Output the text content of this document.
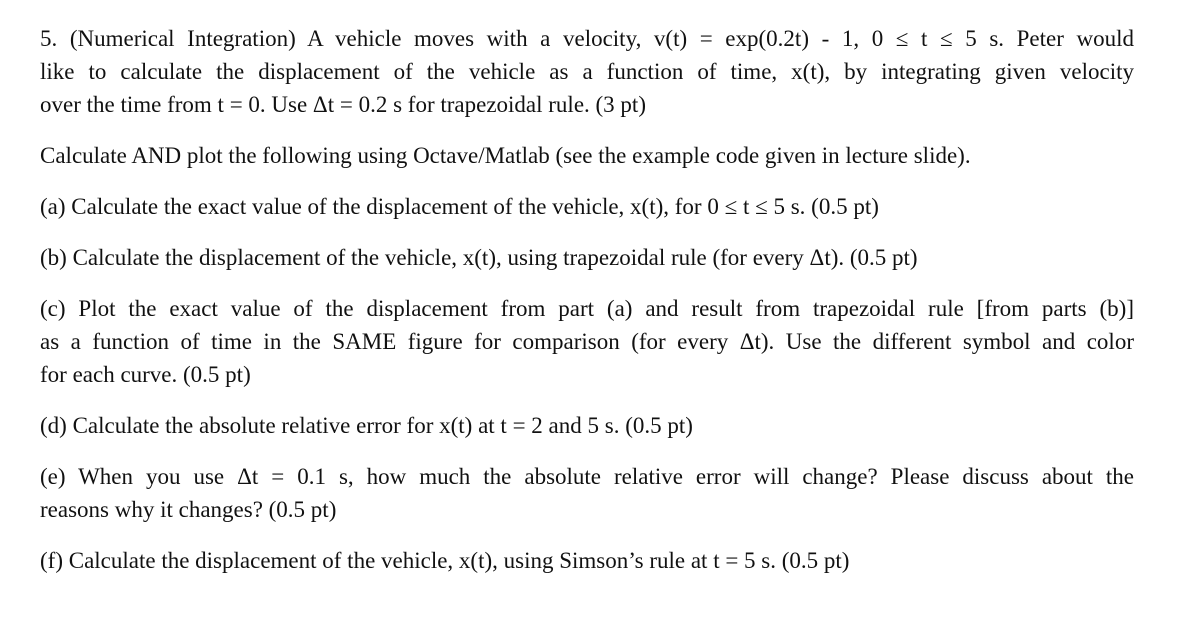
5. (Numerical Integration) A vehicle moves with a velocity, v(t) = exp(0.2t) - 1, 0 ≤ t ≤ 5 s. Peter would
like to calculate the displacement of the vehicle as a function of time, x(t), by integrating given velocity
over the time from t = 0. Use Δt = 0.2 s for trapezoidal rule. (3 pt)

Calculate AND plot the following using Octave/Matlab (see the example code given in lecture slide).

(a) Calculate the exact value of the displacement of the vehicle, x(t), for 0 ≤ t ≤ 5 s. (0.5 pt)

(b) Calculate the displacement of the vehicle, x(t), using trapezoidal rule (for every Δt). (0.5 pt)

(c) Plot the exact value of the displacement from part (a) and result from trapezoidal rule [from parts (b)]
as a function of time in the SAME figure for comparison (for every Δt). Use the different symbol and color
for each curve. (0.5 pt)

(d) Calculate the absolute relative error for x(t) at t = 2 and 5 s. (0.5 pt)

(e) When you use Δt = 0.1 s, how much the absolute relative error will change? Please discuss about the
reasons why it changes? (0.5 pt)

(f) Calculate the displacement of the vehicle, x(t), using Simson’s rule at t = 5 s. (0.5 pt)
